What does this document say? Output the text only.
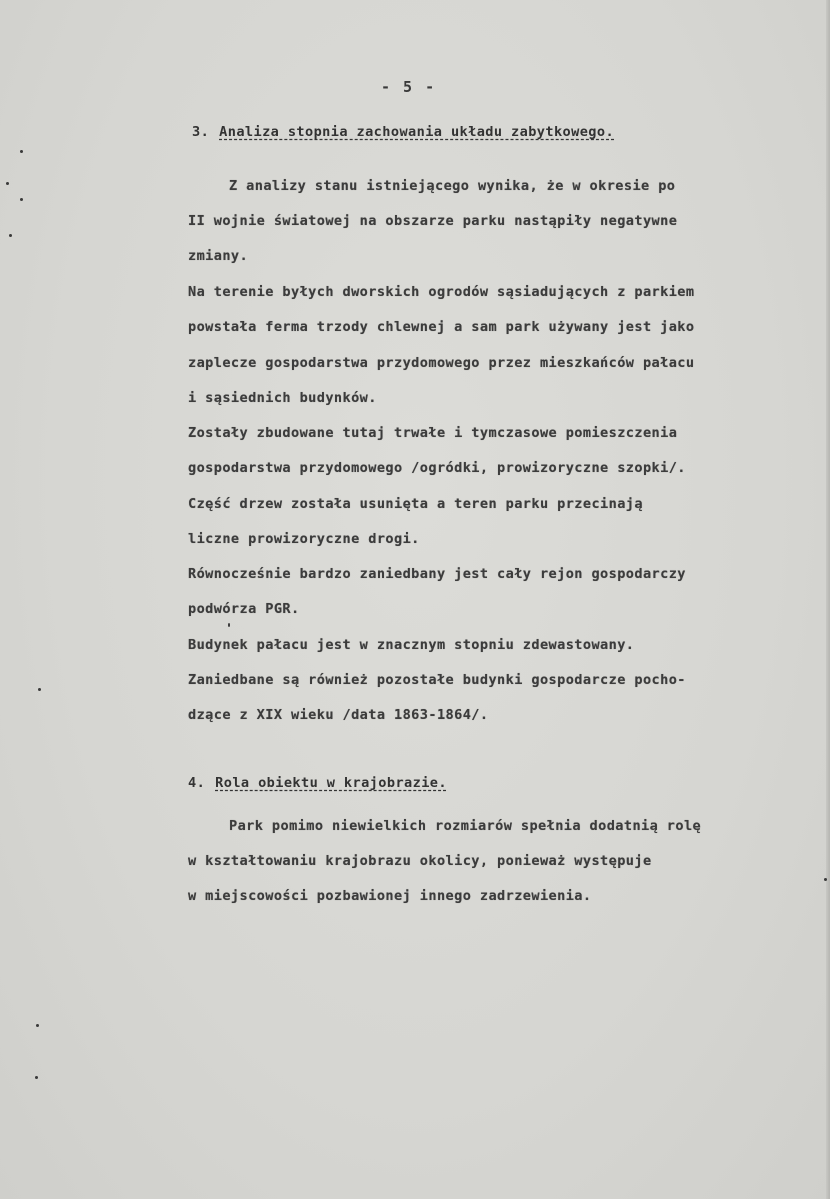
- 5 -
3. Analiza stopnia zachowania układu zabytkowego.
Z analizy stanu istniejącego wynika, że w okresie po
II wojnie światowej na obszarze parku nastąpiły negatywne
zmiany.
Na terenie byłych dworskich ogrodów sąsiadujących z parkiem
powstała ferma trzody chlewnej a sam park używany jest jako
zaplecze gospodarstwa przydomowego przez mieszkańców pałacu
i sąsiednich budynków.
Zostały zbudowane tutaj trwałe i tymczasowe pomieszczenia
gospodarstwa przydomowego /ogródki, prowizoryczne szopki/.
Część drzew została usunięta a teren parku przecinają
liczne prowizoryczne drogi.
Równocześnie bardzo zaniedbany jest cały rejon gospodarczy
podwórza PGR.
Budynek pałacu jest w znacznym stopniu zdewastowany.
Zaniedbane są również pozostałe budynki gospodarcze pocho-
dzące z XIX wieku /data 1863-1864/.
4. Rola obiektu w krajobrazie.
Park pomimo niewielkich rozmiarów spełnia dodatnią rolę
w kształtowaniu krajobrazu okolicy, ponieważ występuje
w miejscowości pozbawionej innego zadrzewienia.
